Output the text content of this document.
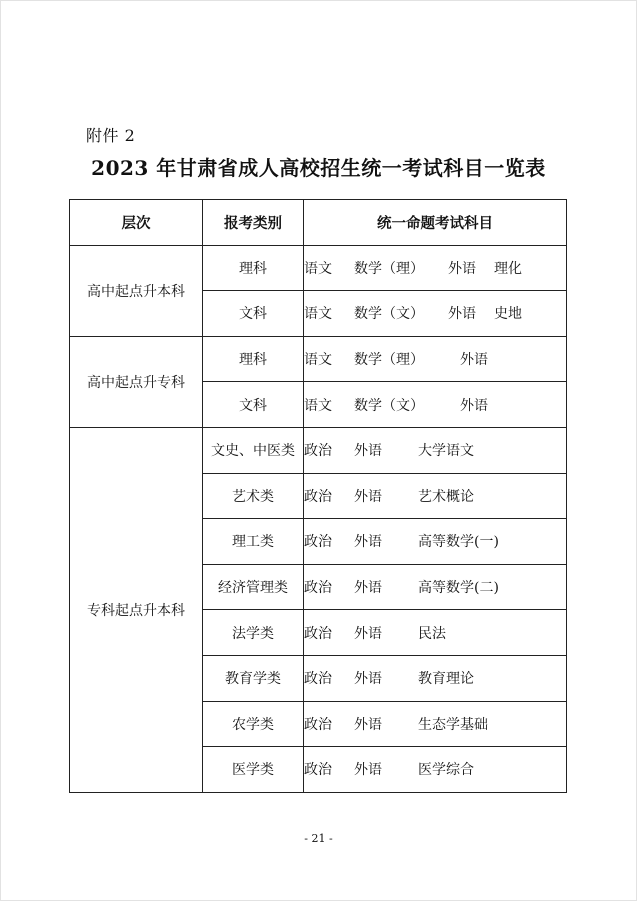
附件 2
2023 年甘肃省成人高校招生统一考试科目一览表
层次	报考类别	统一命题考试科目
高中起点升本科	理科	语文 数学（理） 外语 理化
	文科	语文 数学（文） 外语 史地
高中起点升专科	理科	语文 数学（理） 外语
	文科	语文 数学（文） 外语
专科起点升本科	文史、中医类	政治 外语 大学语文
	艺术类	政治 外语 艺术概论
	理工类	政治 外语 高等数学(一)
	经济管理类	政治 外语 高等数学(二)
	法学类	政治 外语 民法
	教育学类	政治 外语 教育理论
	农学类	政治 外语 生态学基础
	医学类	政治 外语 医学综合
- 21 -
